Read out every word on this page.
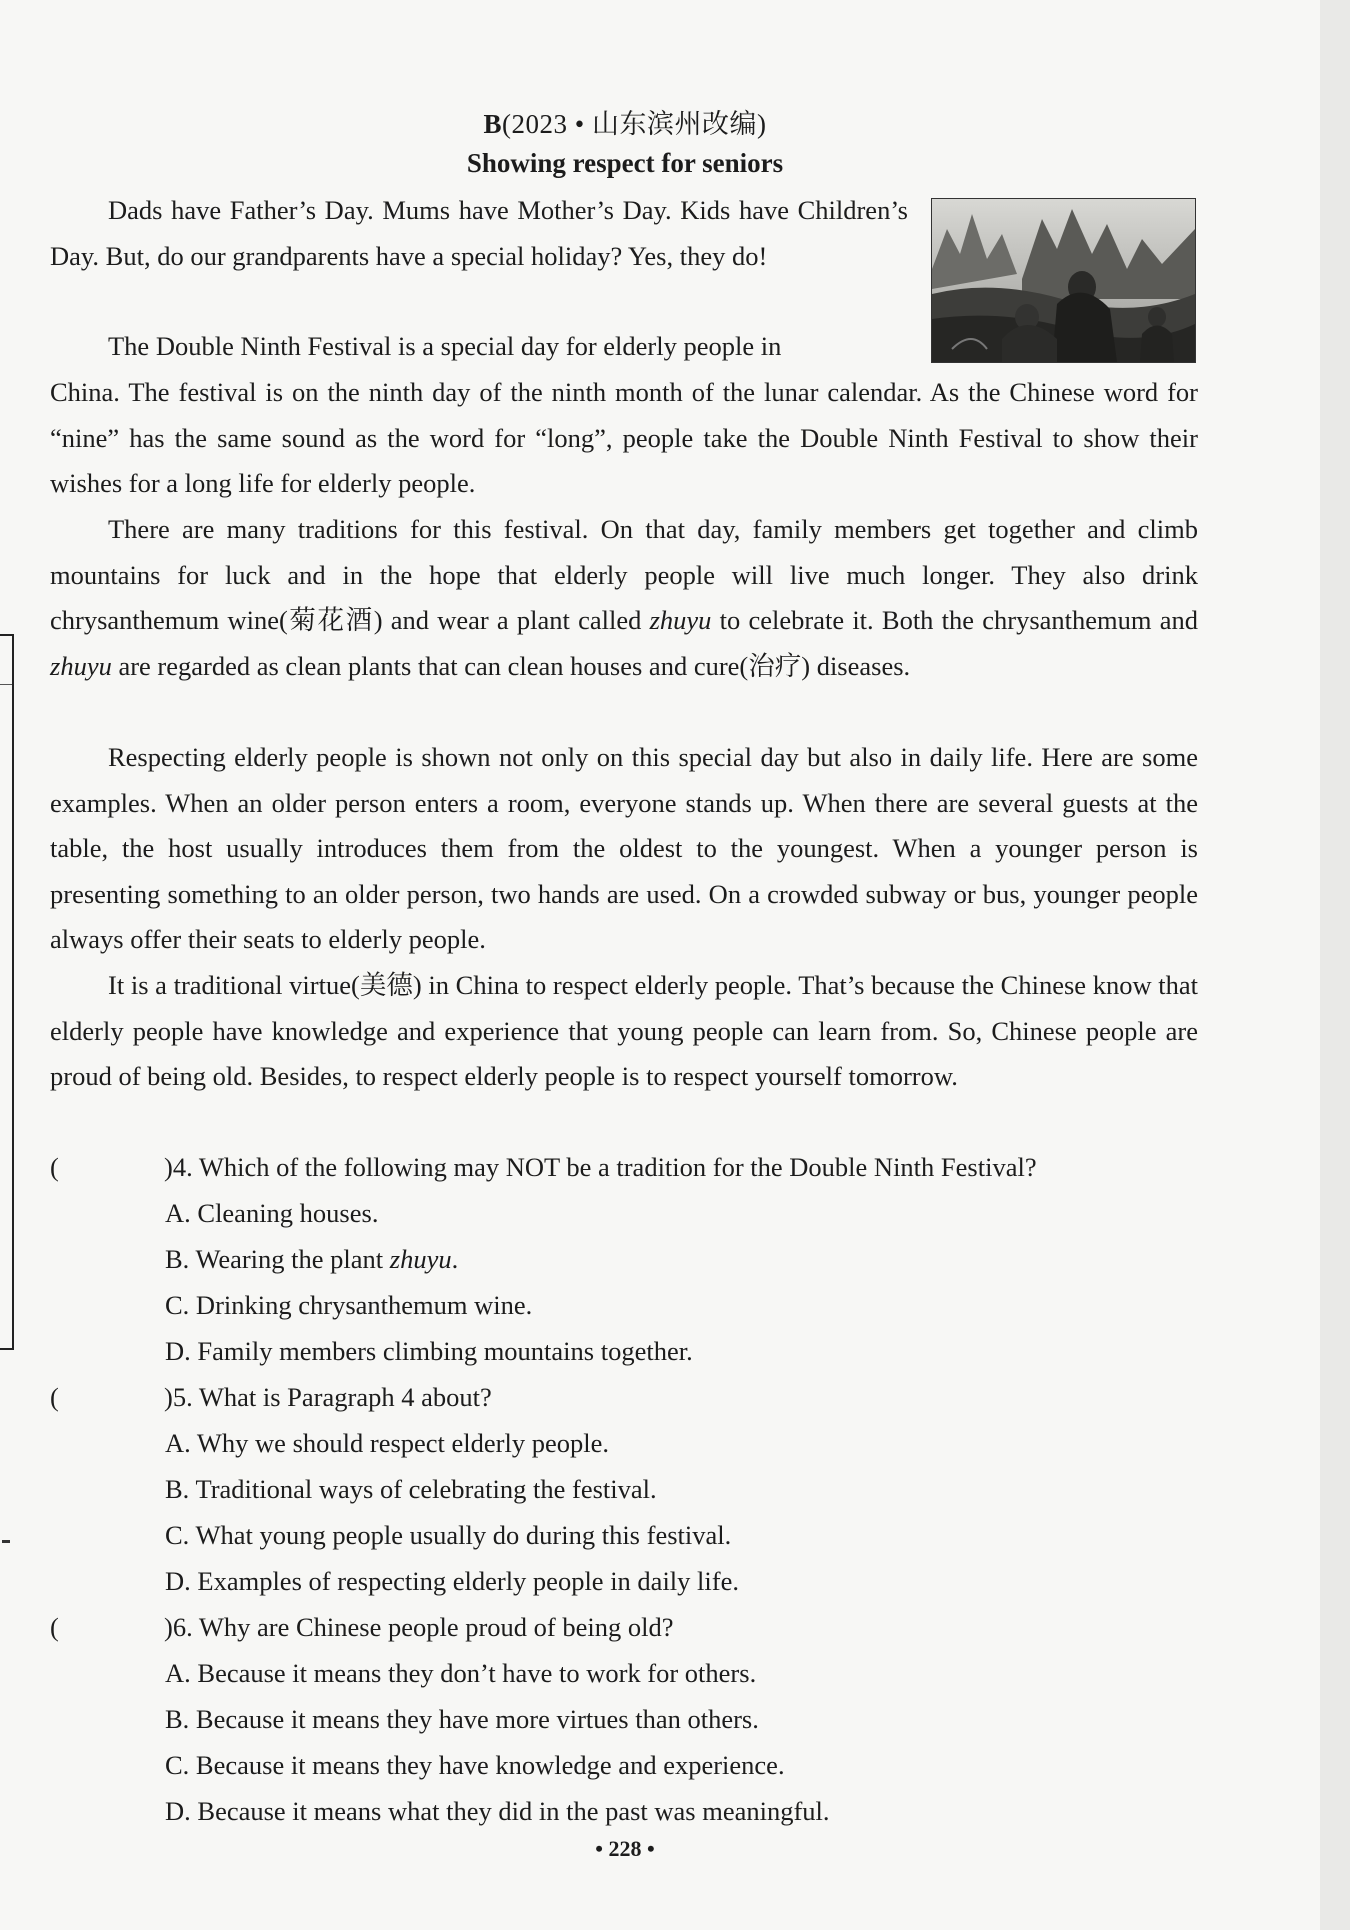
B(2023 • 山东滨州改编)
Showing respect for seniors

Dads have Father’s Day. Mums have Mother’s Day. Kids have Children’s Day. But, do our grandparents have a special holiday? Yes, they do!

The Double Ninth Festival is a special day for elderly people in

China. The festival is on the ninth day of the ninth month of the lunar calendar. As the Chinese word for “nine” has the same sound as the word for “long”, people take the Double Ninth Festival to show their wishes for a long life for elderly people.

There are many traditions for this festival. On that day, family members get together and climb mountains for luck and in the hope that elderly people will live much longer. They also drink chrysanthemum wine(菊花酒) and wear a plant called zhuyu to celebrate it. Both the chrysanthemum and zhuyu are regarded as clean plants that can clean houses and cure(治疗) diseases.

Respecting elderly people is shown not only on this special day but also in daily life. Here are some examples. When an older person enters a room, everyone stands up. When there are several guests at the table, the host usually introduces them from the oldest to the youngest. When a younger person is presenting something to an older person, two hands are used. On a crowded subway or bus, younger people always offer their seats to elderly people.

It is a traditional virtue(美德) in China to respect elderly people. That’s because the Chinese know that elderly people have knowledge and experience that young people can learn from. So, Chinese people are proud of being old. Besides, to respect elderly people is to respect yourself tomorrow.

(	)4. Which of the following may NOT be a tradition for the Double Ninth Festival?
A. Cleaning houses.
B. Wearing the plant zhuyu.
C. Drinking chrysanthemum wine.
D. Family members climbing mountains together.
(	)5. What is Paragraph 4 about?
A. Why we should respect elderly people.
B. Traditional ways of celebrating the festival.
C. What young people usually do during this festival.
D. Examples of respecting elderly people in daily life.
(	)6. Why are Chinese people proud of being old?
A. Because it means they don’t have to work for others.
B. Because it means they have more virtues than others.
C. Because it means they have knowledge and experience.
D. Because it means what they did in the past was meaningful.
• 228 •
